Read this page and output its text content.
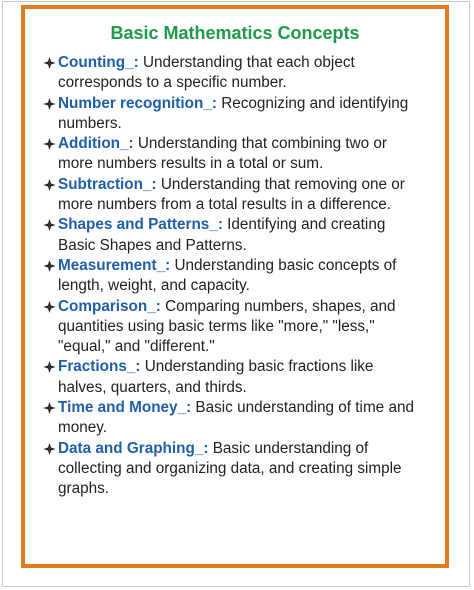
Basic Mathematics Concepts
Counting_: Understanding that each object corresponds to a specific number.
Number recognition_: Recognizing and identifying numbers.
Addition_: Understanding that combining two or more numbers results in a total or sum.
Subtraction_: Understanding that removing one or more numbers from a total results in a difference.
Shapes and Patterns_: Identifying and creating Basic Shapes and Patterns.
Measurement_: Understanding basic concepts of length, weight, and capacity.
Comparison_: Comparing numbers, shapes, and quantities using basic terms like "more," "less," "equal," and "different."
Fractions_: Understanding basic fractions like halves, quarters, and thirds.
Time and Money_: Basic understanding of time and money.
Data and Graphing_: Basic understanding of collecting and organizing data, and creating simple graphs.
